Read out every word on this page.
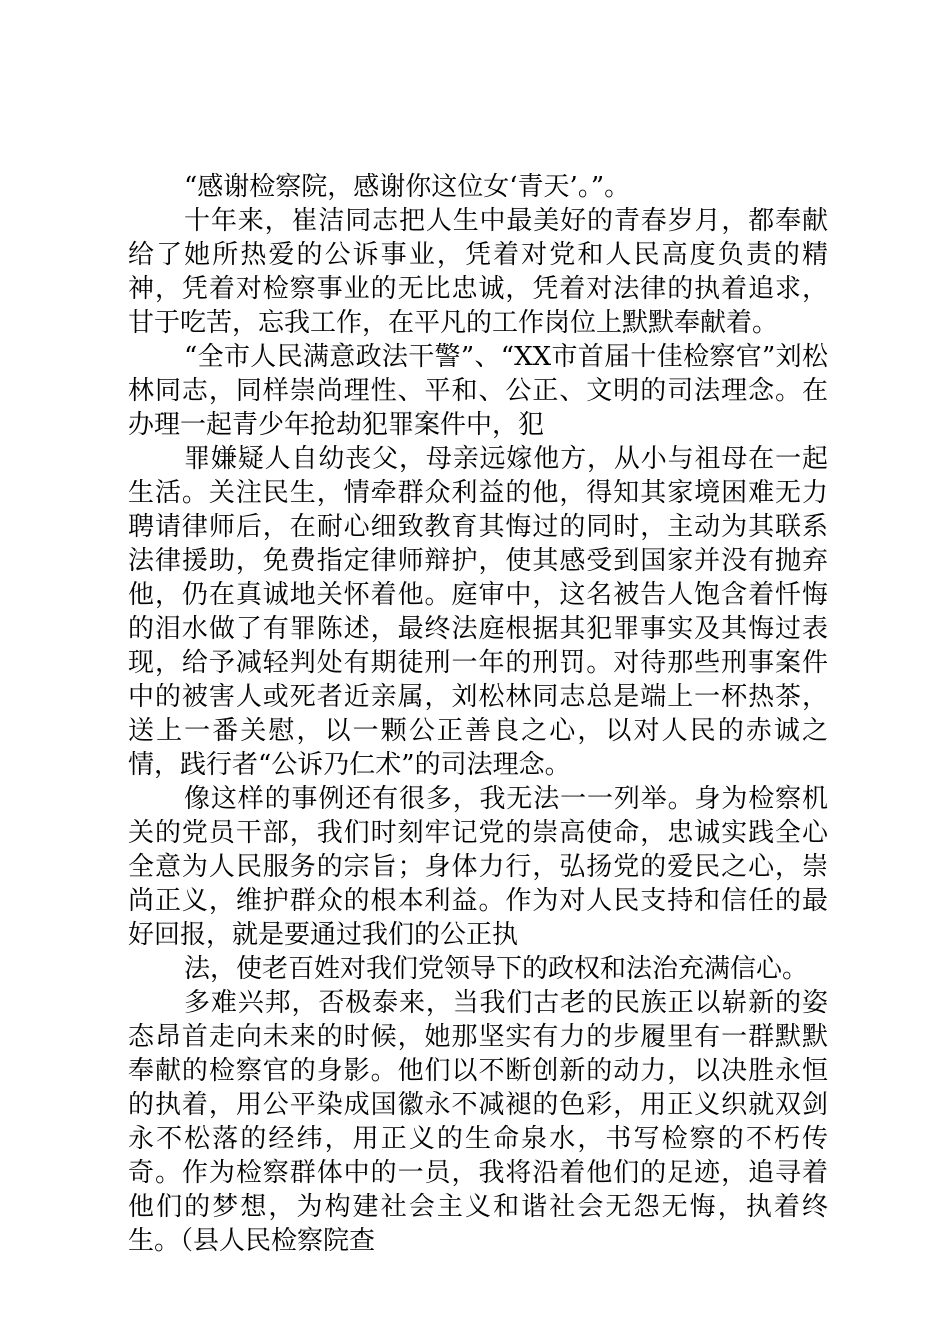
“感谢检察院，感谢你这位女‘青天’。”。

十年来，崔洁同志把人生中最美好的青春岁月，都奉献给了她所热爱的公诉事业，凭着对党和人民高度负责的精神，凭着对检察事业的无比忠诚，凭着对法律的执着追求，甘于吃苦，忘我工作，在平凡的工作岗位上默默奉献着。

“全市人民满意政法干警”、“XX市首届十佳检察官”刘松林同志，同样崇尚理性、平和、公正、文明的司法理念。在办理一起青少年抢劫犯罪案件中，犯

罪嫌疑人自幼丧父，母亲远嫁他方，从小与祖母在一起生活。关注民生，情牵群众利益的他，得知其家境困难无力聘请律师后，在耐心细致教育其悔过的同时，主动为其联系法律援助，免费指定律师辩护，使其感受到国家并没有抛弃他，仍在真诚地关怀着他。庭审中，这名被告人饱含着忏悔的泪水做了有罪陈述，最终法庭根据其犯罪事实及其悔过表现，给予减轻判处有期徒刑一年的刑罚。对待那些刑事案件中的被害人或死者近亲属，刘松林同志总是端上一杯热茶，送上一番关慰，以一颗公正善良之心，以对人民的赤诚之情，践行者“公诉乃仁术”的司法理念。

像这样的事例还有很多，我无法一一列举。身为检察机关的党员干部，我们时刻牢记党的崇高使命，忠诚实践全心全意为人民服务的宗旨；身体力行，弘扬党的爱民之心，崇尚正义，维护群众的根本利益。作为对人民支持和信任的最好回报，就是要通过我们的公正执

法，使老百姓对我们党领导下的政权和法治充满信心。

多难兴邦，否极泰来，当我们古老的民族正以崭新的姿态昂首走向未来的时候，她那坚实有力的步履里有一群默默奉献的检察官的身影。他们以不断创新的动力，以决胜永恒的执着，用公平染成国徽永不减褪的色彩，用正义织就双剑永不松落的经纬，用正义的生命泉水，书写检察的不朽传奇。作为检察群体中的一员，我将沿着他们的足迹，追寻着他们的梦想，为构建社会主义和谐社会无怨无悔，执着终生。（县人民检察院查
